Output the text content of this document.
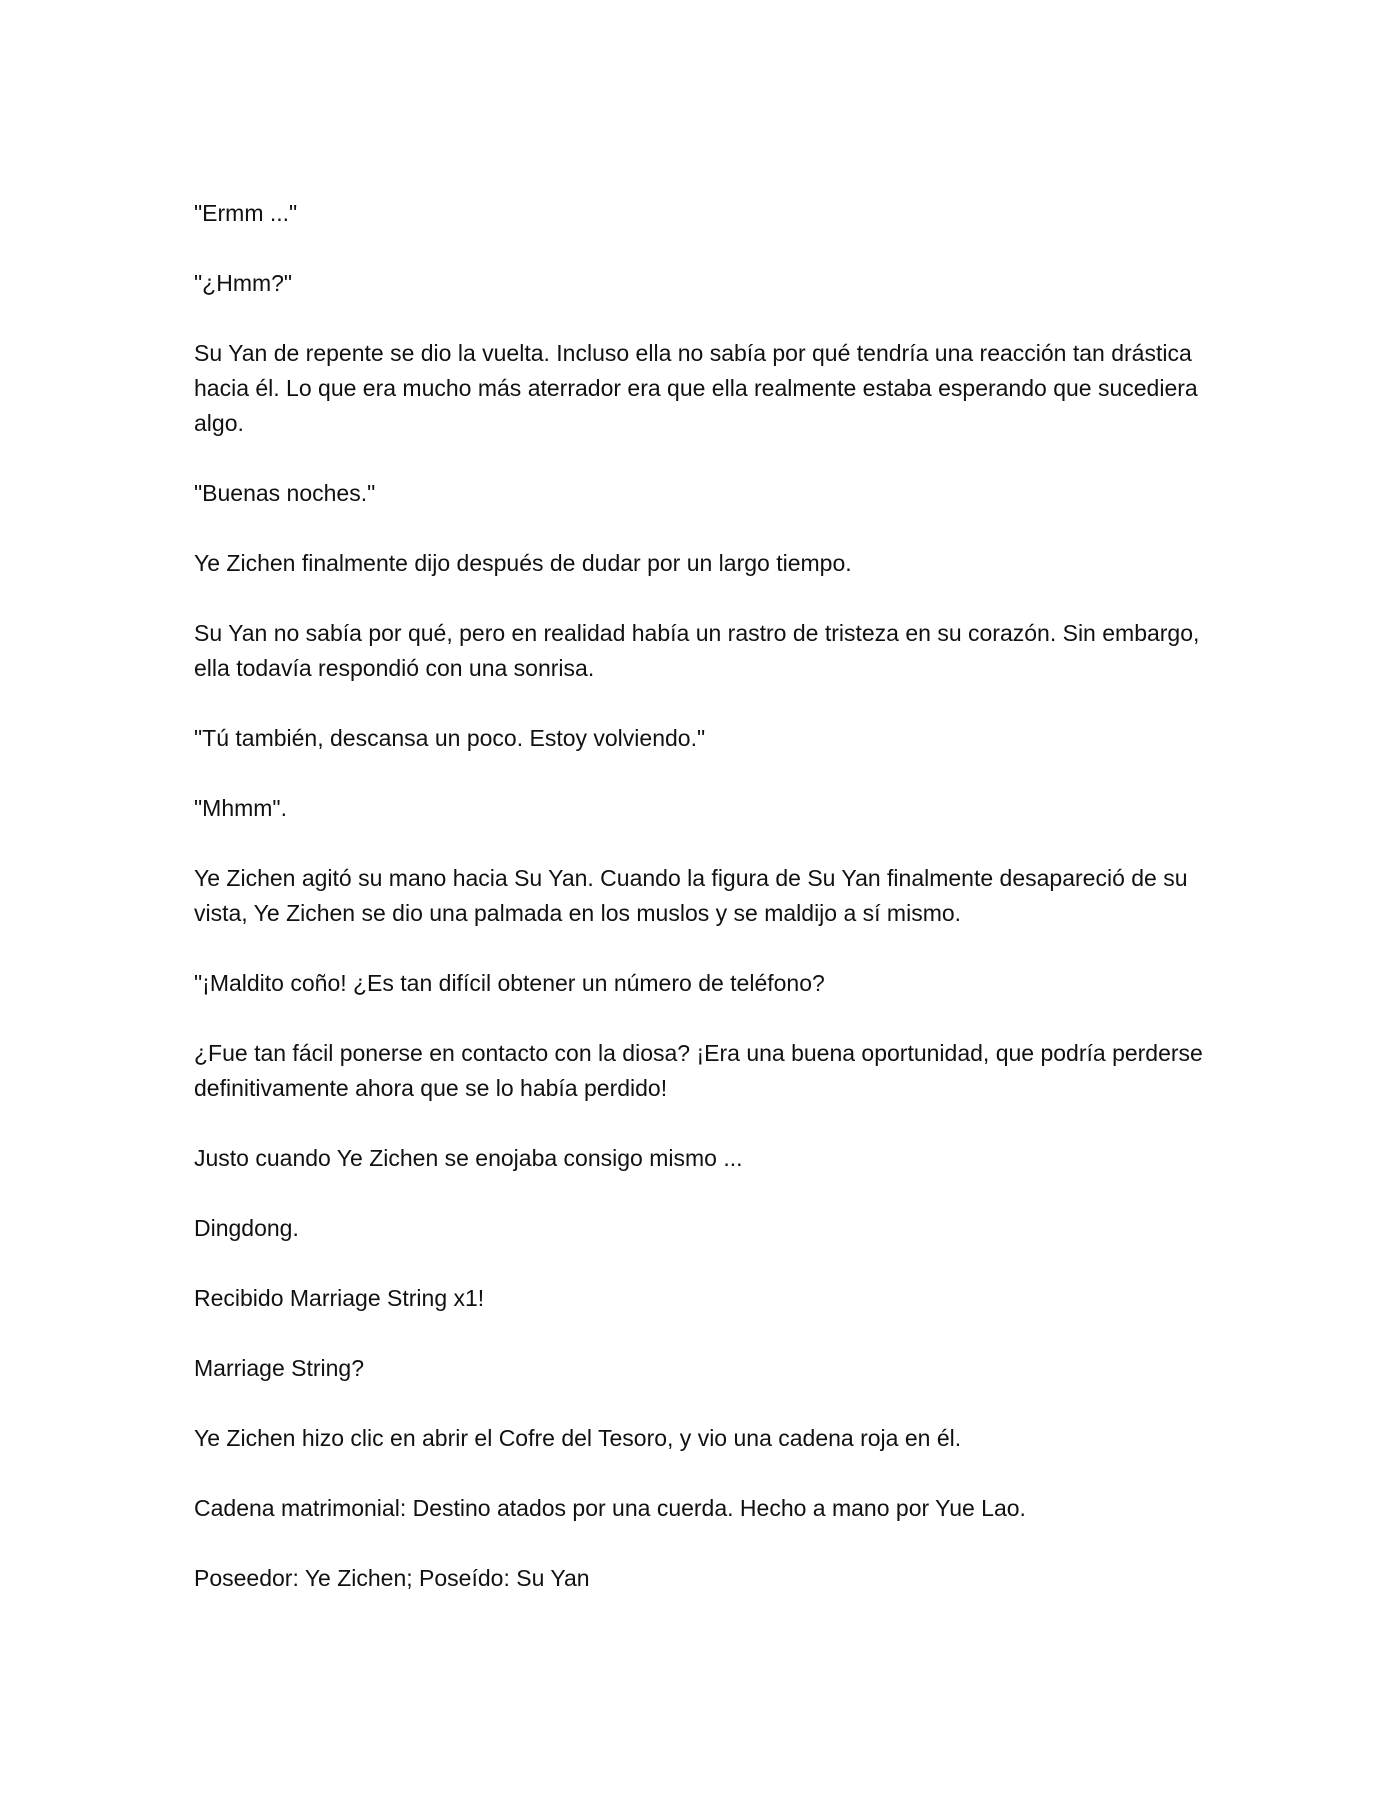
"Ermm ..."

"¿Hmm?"

Su Yan de repente se dio la vuelta. Incluso ella no sabía por qué tendría una reacción tan drástica hacia él. Lo que era mucho más aterrador era que ella realmente estaba esperando que sucediera algo.

"Buenas noches."

Ye Zichen finalmente dijo después de dudar por un largo tiempo.

Su Yan no sabía por qué, pero en realidad había un rastro de tristeza en su corazón. Sin embargo, ella todavía respondió con una sonrisa.

"Tú también, descansa un poco. Estoy volviendo."

"Mhmm".

Ye Zichen agitó su mano hacia Su Yan. Cuando la figura de Su Yan finalmente desapareció de su vista, Ye Zichen se dio una palmada en los muslos y se maldijo a sí mismo.

"¡Maldito coño! ¿Es tan difícil obtener un número de teléfono?

¿Fue tan fácil ponerse en contacto con la diosa? ¡Era una buena oportunidad, que podría perderse definitivamente ahora que se lo había perdido!

Justo cuando Ye Zichen se enojaba consigo mismo ...

Dingdong.

Recibido Marriage String x1!

Marriage String?

Ye Zichen hizo clic en abrir el Cofre del Tesoro, y vio una cadena roja en él.

Cadena matrimonial: Destino atados por una cuerda. Hecho a mano por Yue Lao.

Poseedor: Ye Zichen; Poseído: Su Yan
